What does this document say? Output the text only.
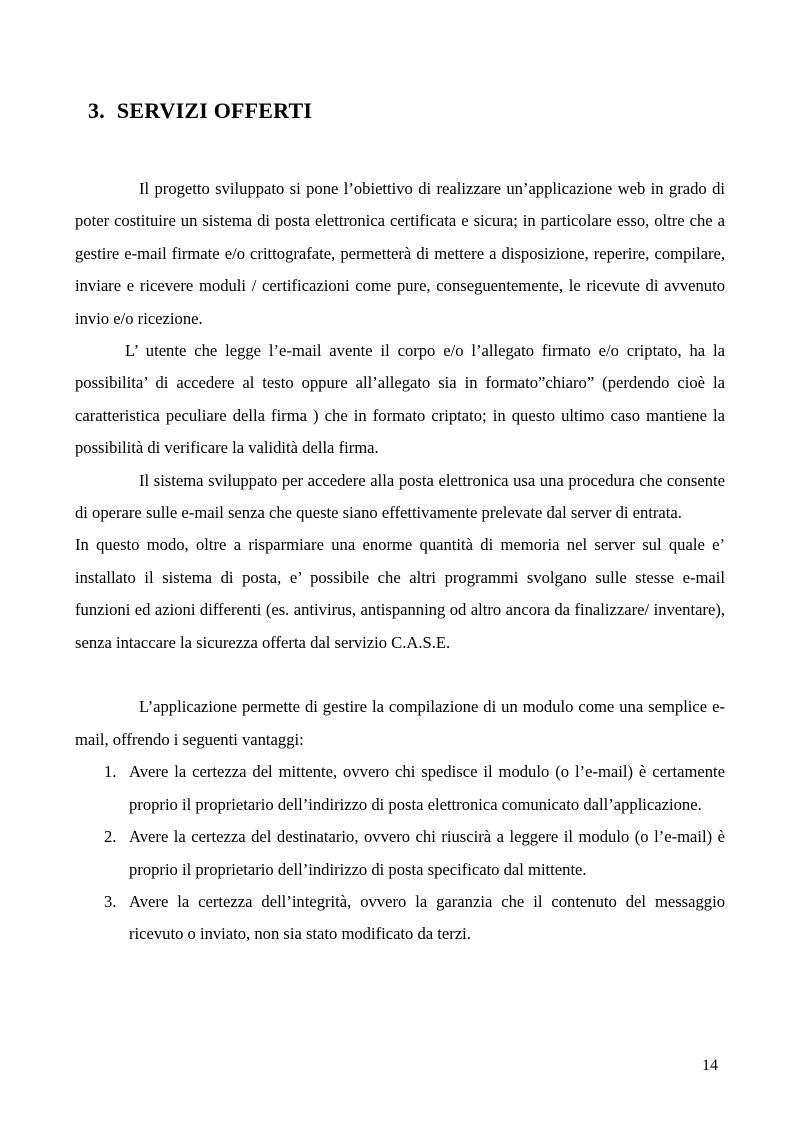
3. SERVIZI OFFERTI

Il progetto sviluppato si pone l’obiettivo di realizzare un’applicazione web in grado di poter costituire un sistema di posta elettronica certificata e sicura; in particolare esso, oltre che a gestire e-mail firmate e/o crittografate, permetterà di mettere a disposizione, reperire, compilare, inviare e ricevere moduli / certificazioni come pure, conseguentemente, le ricevute di avvenuto invio e/o ricezione.

L’ utente che legge l’e-mail avente il corpo e/o l’allegato firmato e/o criptato, ha la possibilita’ di accedere al testo oppure all’allegato sia in formato”chiaro” (perdendo cioè la caratteristica peculiare della firma ) che in formato criptato; in questo ultimo caso mantiene la possibilità di verificare la validità della firma.

Il sistema sviluppato per accedere alla posta elettronica usa una procedura che consente di operare sulle e-mail senza che queste siano effettivamente prelevate dal server di entrata.

In questo modo, oltre a risparmiare una enorme quantità di memoria nel server sul quale e’ installato il sistema di posta, e’ possibile che altri programmi svolgano sulle stesse e-mail funzioni ed azioni differenti (es. antivirus, antispanning od altro ancora da finalizzare/ inventare), senza intaccare la sicurezza offerta dal servizio C.A.S.E.

L’applicazione permette di gestire la compilazione di un modulo come una semplice e-mail, offrendo i seguenti vantaggi:

1. Avere la certezza del mittente, ovvero chi spedisce il modulo (o l’e-mail) è certamente proprio il proprietario dell’indirizzo di posta elettronica comunicato dall’applicazione.
2. Avere la certezza del destinatario, ovvero chi riuscirà a leggere il modulo (o l’e-mail) è proprio il proprietario dell’indirizzo di posta specificato dal mittente.
3. Avere la certezza dell’integrità, ovvero la garanzia che il contenuto del messaggio ricevuto o inviato, non sia stato modificato da terzi.
14
